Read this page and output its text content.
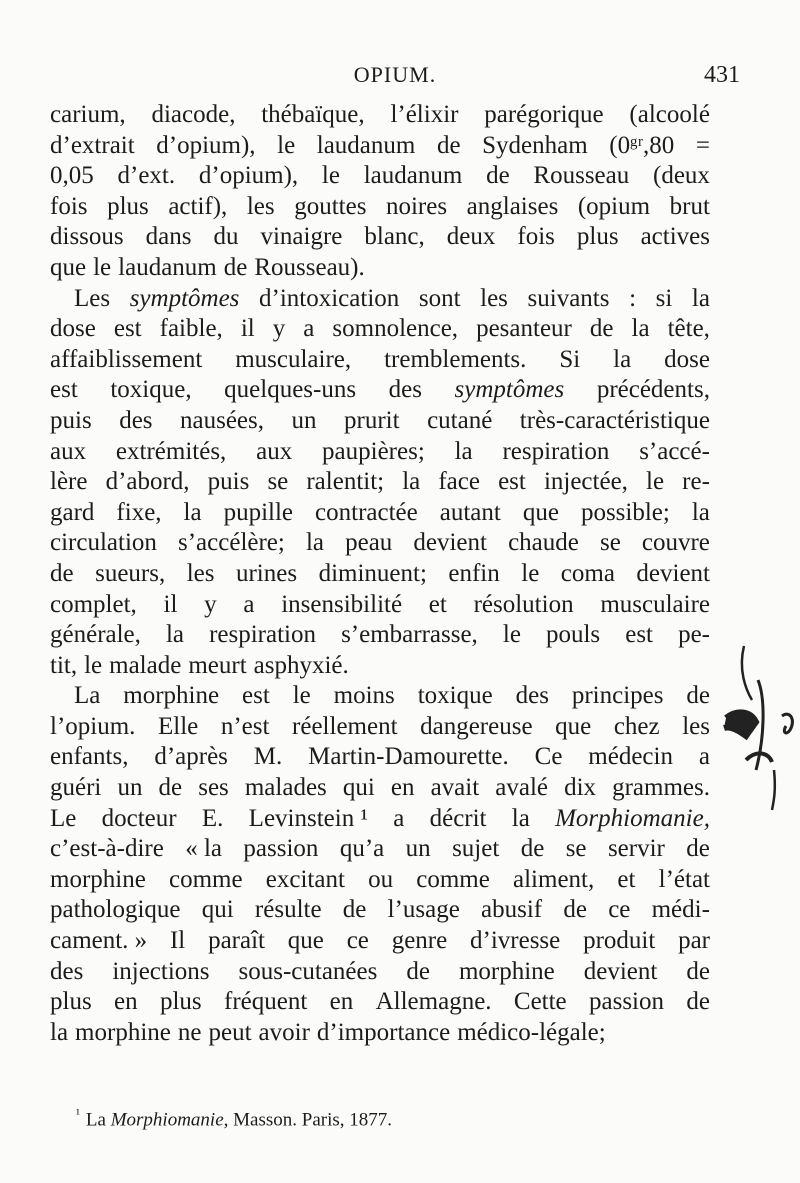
OPIUM.	431
carium, diacode, thébaïque, l’élixir parégorique (alcoolé
d’extrait d’opium), le laudanum de Sydenham (0ᵍʳ,80 =
0,05 d’ext. d’opium), le laudanum de Rousseau (deux
fois plus actif), les gouttes noires anglaises (opium brut
dissous dans du vinaigre blanc, deux fois plus actives
que le laudanum de Rousseau).
Les symptômes d’intoxication sont les suivants : si la
dose est faible, il y a somnolence, pesanteur de la tête,
affaiblissement musculaire, tremblements. Si la dose
est toxique, quelques-uns des symptômes précédents,
puis des nausées, un prurit cutané très-caractéristique
aux extrémités, aux paupières; la respiration s’accé-
lère d’abord, puis se ralentit; la face est injectée, le re-
gard fixe, la pupille contractée autant que possible; la
circulation s’accélère; la peau devient chaude se couvre
de sueurs, les urines diminuent; enfin le coma devient
complet, il y a insensibilité et résolution musculaire
générale, la respiration s’embarrasse, le pouls est pe-
tit, le malade meurt asphyxié.
La morphine est le moins toxique des principes de
l’opium. Elle n’est réellement dangereuse que chez les
enfants, d’après M. Martin-Damourette. Ce médecin a
guéri un de ses malades qui en avait avalé dix grammes.
Le docteur E. Levinstein ¹ a décrit la Morphiomanie,
c’est-à-dire « la passion qu’a un sujet de se servir de
morphine comme excitant ou comme aliment, et l’état
pathologique qui résulte de l’usage abusif de ce médi-
cament. » Il paraît que ce genre d’ivresse produit par
des injections sous-cutanées de morphine devient de
plus en plus fréquent en Allemagne. Cette passion de
la morphine ne peut avoir d’importance médico-légale;
$^{^1}$ La Morphiomanie, Masson. Paris, 1877.
